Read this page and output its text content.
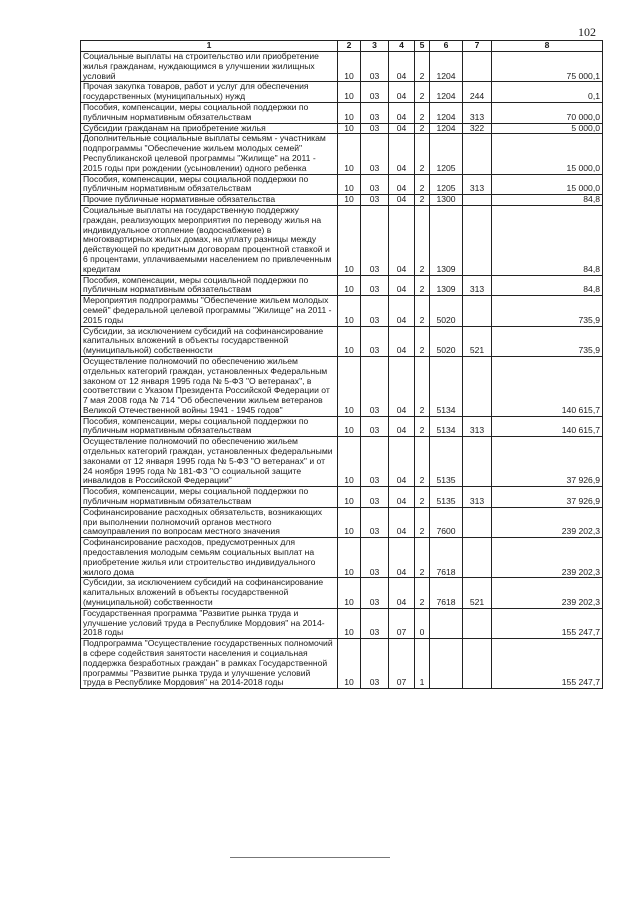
102
1	2	3	4	5	6	7	8
Социальные выплаты на строительство или приобретение жилья гражданам, нуждающимся в улучшении жилищных условий	10	03	04	2	1204		75 000,1
Прочая закупка товаров, работ и услуг для обеспечения государственных (муниципальных) нужд	10	03	04	2	1204	244	0,1
Пособия, компенсации, меры социальной поддержки по публичным нормативным обязательствам	10	03	04	2	1204	313	70 000,0
Субсидии гражданам на приобретение жилья	10	03	04	2	1204	322	5 000,0
Дополнительные социальные выплаты семьям - участникам подпрограммы "Обеспечение жильем молодых семей" Республиканской целевой программы "Жилище" на 2011 - 2015 годы при рождении (усыновлении) одного ребенка	10	03	04	2	1205		15 000,0
Пособия, компенсации, меры социальной поддержки по публичным нормативным обязательствам	10	03	04	2	1205	313	15 000,0
Прочие публичные нормативные обязательства	10	03	04	2	1300		84,8
Социальные выплаты на государственную поддержку граждан, реализующих мероприятия по переводу жилья на индивидуальное отопление (водоснабжение) в многоквартирных жилых домах, на уплату разницы между действующей по кредитным договорам процентной ставкой и 6 процентами, уплачиваемыми населением по привлеченным кредитам	10	03	04	2	1309		84,8
Пособия, компенсации, меры социальной поддержки по публичным нормативным обязательствам	10	03	04	2	1309	313	84,8
Мероприятия подпрограммы "Обеспечение жильем молодых семей" федеральной целевой программы "Жилище" на 2011 - 2015 годы	10	03	04	2	5020		735,9
Субсидии, за исключением субсидий на софинансирование капитальных вложений в объекты государственной (муниципальной) собственности	10	03	04	2	5020	521	735,9
Осуществление полномочий по обеспечению жильем отдельных категорий граждан, установленных Федеральным законом от 12 января 1995 года № 5-ФЗ "О ветеранах", в соответствии с Указом Президента Российской Федерации от 7 мая 2008 года № 714 "Об обеспечении жильем ветеранов Великой Отечественной войны 1941 - 1945 годов"	10	03	04	2	5134		140 615,7
Пособия, компенсации, меры социальной поддержки по публичным нормативным обязательствам	10	03	04	2	5134	313	140 615,7
Осуществление полномочий по обеспечению жильем отдельных категорий граждан, установленных федеральными законами от 12 января 1995 года № 5-ФЗ "О ветеранах" и от 24 ноября 1995 года № 181-ФЗ "О социальной защите инвалидов в Российской Федерации"	10	03	04	2	5135		37 926,9
Пособия, компенсации, меры социальной поддержки по публичным нормативным обязательствам	10	03	04	2	5135	313	37 926,9
Софинансирование расходных обязательств, возникающих при выполнении полномочий органов местного самоуправления по вопросам местного значения	10	03	04	2	7600		239 202,3
Софинансирование расходов, предусмотренных для предоставления молодым семьям социальных выплат на приобретение жилья или строительство индивидуального жилого дома	10	03	04	2	7618		239 202,3
Субсидии, за исключением субсидий на софинансирование капитальных вложений в объекты государственной (муниципальной) собственности	10	03	04	2	7618	521	239 202,3
Государственная программа "Развитие рынка труда и улучшение условий труда в Республике Мордовия" на 2014-2018 годы	10	03	07	0			155 247,7
Подпрограмма "Осуществление государственных полномочий в сфере содействия занятости населения и социальная поддержка безработных граждан" в рамках Государственной программы "Развитие рынка труда и улучшение условий труда в Республике Мордовия" на 2014-2018 годы	10	03	07	1			155 247,7
